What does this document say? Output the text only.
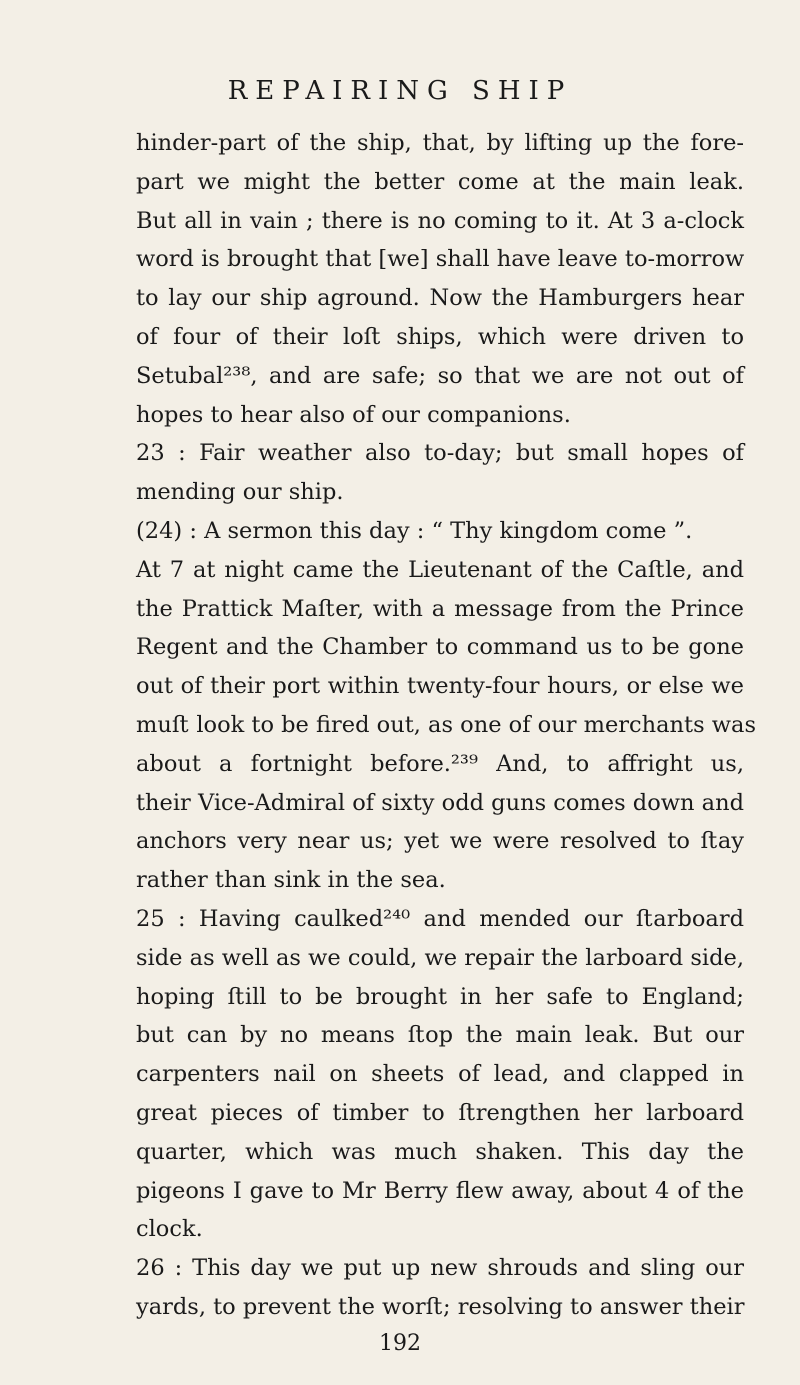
REPAIRING SHIP
hinder-part of the ship, that, by lifting up the fore-
part we might the better come at the main leak.
But all in vain ; there is no coming to it. At 3 a-clock
word is brought that [we] shall have leave to-morrow
to lay our ship aground. Now the Hamburgers hear
of four of their loﬅ ships, which were driven to
Setubal²³⁸, and are safe; so that we are not out of
hopes to hear also of our companions.
23 : Fair weather also to-day; but small hopes of
mending our ship.
(24) : A sermon this day : “ Thy kingdom come ”.
At 7 at night came the Lieutenant of the Caﬅle, and
the Prattick Maﬅer, with a message from the Prince
Regent and the Chamber to command us to be gone
out of their port within twenty-four hours, or else we
muﬅ look to be fired out, as one of our merchants was
about a fortnight before.²³⁹ And, to affright us,
their Vice-Admiral of sixty odd guns comes down and
anchors very near us; yet we were resolved to ﬅay
rather than sink in the sea.
25 : Having caulked²⁴⁰ and mended our ﬅarboard
side as well as we could, we repair the larboard side,
hoping ﬅill to be brought in her safe to England;
but can by no means ﬅop the main leak. But our
carpenters nail on sheets of lead, and clapped in
great pieces of timber to ﬅrengthen her larboard
quarter, which was much shaken. This day the
pigeons I gave to Mr Berry flew away, about 4 of the
clock.
26 : This day we put up new shrouds and sling our
yards, to prevent the worﬅ; resolving to answer their
192
